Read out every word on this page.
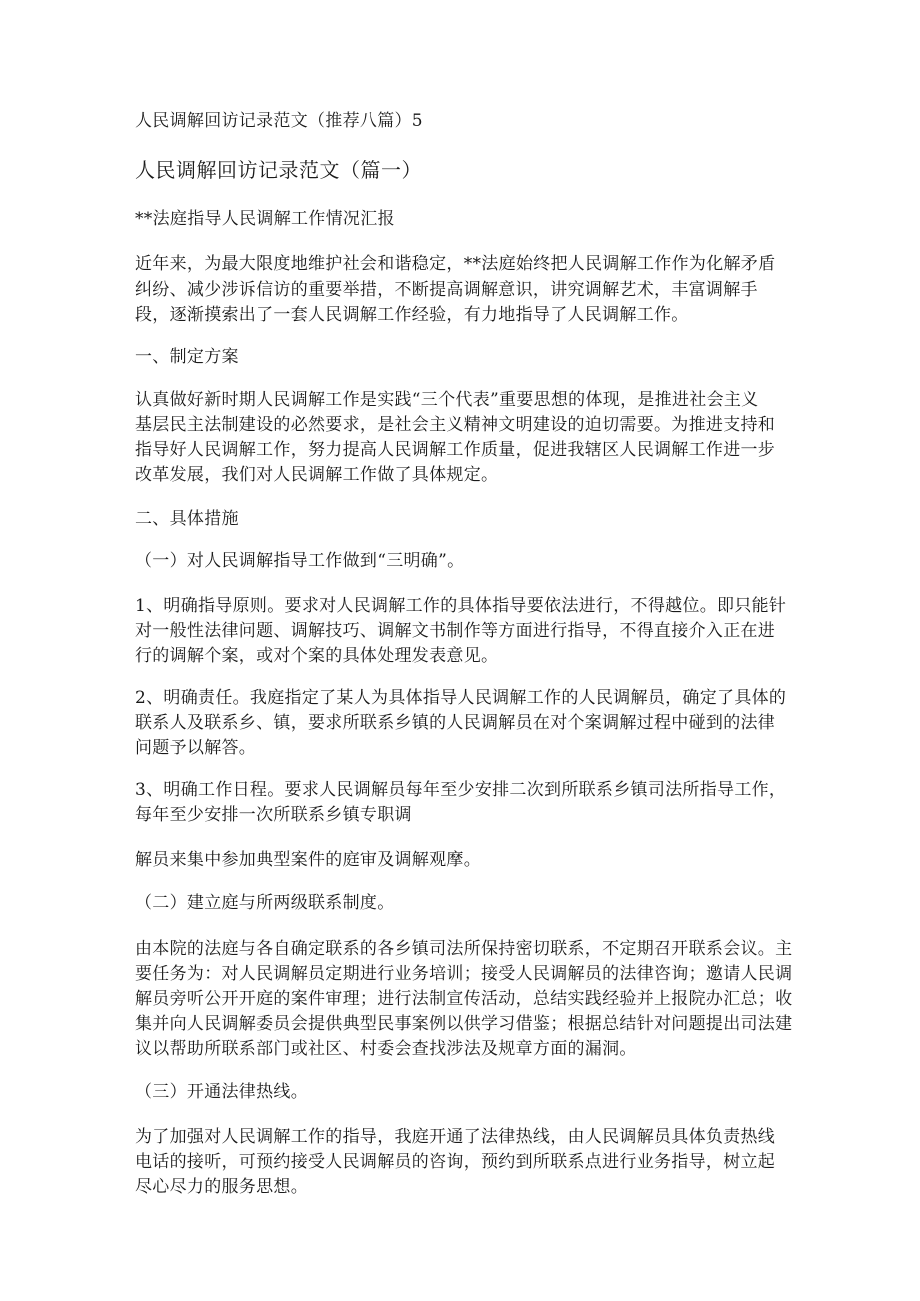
人民调解回访记录范文（推荐八篇）5
人民调解回访记录范文（篇一）
**法庭指导人民调解工作情况汇报
近年来，为最大限度地维护社会和谐稳定，**法庭始终把人民调解工作作为化解矛盾
纠纷、减少涉诉信访的重要举措，不断提高调解意识，讲究调解艺术，丰富调解手
段，逐渐摸索出了一套人民调解工作经验，有力地指导了人民调解工作。
一、制定方案
认真做好新时期人民调解工作是实践“三个代表”重要思想的体现，是推进社会主义
基层民主法制建设的必然要求，是社会主义精神文明建设的迫切需要。为推进支持和
指导好人民调解工作，努力提高人民调解工作质量，促进我辖区人民调解工作进一步
改革发展，我们对人民调解工作做了具体规定。
二、具体措施
（一）对人民调解指导工作做到“三明确”。
1、明确指导原则。要求对人民调解工作的具体指导要依法进行，不得越位。即只能针
对一般性法律问题、调解技巧、调解文书制作等方面进行指导，不得直接介入正在进
行的调解个案，或对个案的具体处理发表意见。
2、明确责任。我庭指定了某人为具体指导人民调解工作的人民调解员，确定了具体的
联系人及联系乡、镇，要求所联系乡镇的人民调解员在对个案调解过程中碰到的法律
问题予以解答。
3、明确工作日程。要求人民调解员每年至少安排二次到所联系乡镇司法所指导工作，
每年至少安排一次所联系乡镇专职调
解员来集中参加典型案件的庭审及调解观摩。
（二）建立庭与所两级联系制度。
由本院的法庭与各自确定联系的各乡镇司法所保持密切联系，不定期召开联系会议。主
要任务为：对人民调解员定期进行业务培训；接受人民调解员的法律咨询；邀请人民调
解员旁听公开开庭的案件审理；进行法制宣传活动，总结实践经验并上报院办汇总；收
集并向人民调解委员会提供典型民事案例以供学习借鉴；根据总结针对问题提出司法建
议以帮助所联系部门或社区、村委会查找涉法及规章方面的漏洞。
（三）开通法律热线。
为了加强对人民调解工作的指导，我庭开通了法律热线，由人民调解员具体负责热线
电话的接听，可预约接受人民调解员的咨询，预约到所联系点进行业务指导，树立起
尽心尽力的服务思想。
